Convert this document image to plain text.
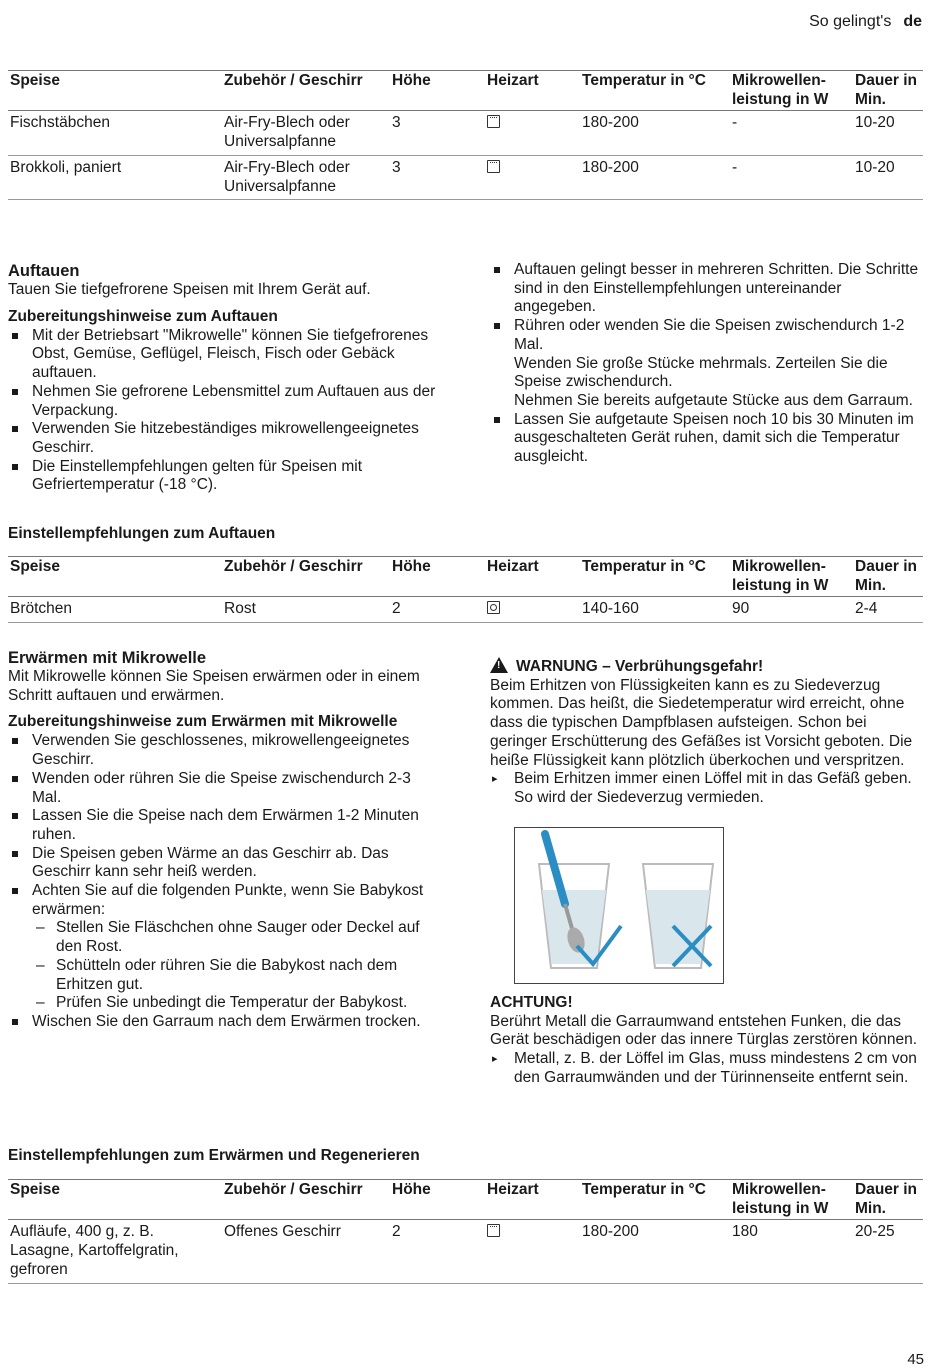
So gelingt's de
Speise	Zubehör / Geschirr	Höhe	Heizart	Temperatur in °C	Mikrowellen-leistung in W	Dauer in Min.
Fischstäbchen	Air-Fry-Blech oder Universalpfanne	3		180-200	-	10-20
Brokkoli, paniert	Air-Fry-Blech oder Universalpfanne	3		180-200	-	10-20
Auftauen

Tauen Sie tiefgefrorene Speisen mit Ihrem Gerät auf.

Zubereitungshinweise zum Auftauen
Mit der Betriebsart "Mikrowelle" können Sie tiefgefrorenes Obst, Gemüse, Geflügel, Fleisch, Fisch oder Gebäck auftauen.
Nehmen Sie gefrorene Lebensmittel zum Auftauen aus der Verpackung.
Verwenden Sie hitzebeständiges mikrowellengeeignetes Geschirr.
Die Einstellempfehlungen gelten für Speisen mit Gefriertemperatur (-18 °C).
Auftauen gelingt besser in mehreren Schritten. Die Schritte sind in den Einstellempfehlungen untereinander angegeben.
Rühren oder wenden Sie die Speisen zwischendurch 1-2 Mal.
Wenden Sie große Stücke mehrmals. Zerteilen Sie die Speise zwischendurch.
Nehmen Sie bereits aufgetaute Stücke aus dem Garraum.
Lassen Sie aufgetaute Speisen noch 10 bis 30 Minuten im ausgeschalteten Gerät ruhen, damit sich die Temperatur ausgleicht.
Einstellempfehlungen zum Auftauen
Speise	Zubehör / Geschirr	Höhe	Heizart	Temperatur in °C	Mikrowellen-leistung in W	Dauer in Min.
Brötchen	Rost	2		140-160	90	2-4
Erwärmen mit Mikrowelle

Mit Mikrowelle können Sie Speisen erwärmen oder in einem Schritt auftauen und erwärmen.

Zubereitungshinweise zum Erwärmen mit Mikrowelle
Verwenden Sie geschlossenes, mikrowellengeeignetes Geschirr.
Wenden oder rühren Sie die Speise zwischendurch 2-3 Mal.
Lassen Sie die Speise nach dem Erwärmen 1-2 Minuten ruhen.
Die Speisen geben Wärme an das Geschirr ab. Das Geschirr kann sehr heiß werden.
Achten Sie auf die folgenden Punkte, wenn Sie Babykost erwärmen:
– Stellen Sie Fläschchen ohne Sauger oder Deckel auf den Rost.
– Schütteln oder rühren Sie die Babykost nach dem Erhitzen gut.
– Prüfen Sie unbedingt die Temperatur der Babykost.
Wischen Sie den Garraum nach dem Erwärmen trocken.
!WARNUNG – Verbrühungsgefahr!

Beim Erhitzen von Flüssigkeiten kann es zu Siedeverzug kommen. Das heißt, die Siedetemperatur wird erreicht, ohne dass die typischen Dampfblasen aufsteigen. Schon bei geringer Erschütterung des Gefäßes ist Vorsicht geboten. Die heiße Flüssigkeit kann plötzlich überkochen und verspritzen.

▸ Beim Erhitzen immer einen Löffel mit in das Gefäß geben. So wird der Siedeverzug vermieden.
ACHTUNG!

Berührt Metall die Garraumwand entstehen Funken, die das Gerät beschädigen oder das innere Türglas zerstören können.

▸ Metall, z. B. der Löffel im Glas, muss mindestens 2 cm von den Garraumwänden und der Türinnenseite entfernt sein.
Einstellempfehlungen zum Erwärmen und Regenerieren
Speise	Zubehör / Geschirr	Höhe	Heizart	Temperatur in °C	Mikrowellen-leistung in W	Dauer in Min.
Aufläufe, 400 g, z. B. Lasagne, Kartoffelgratin, gefroren	Offenes Geschirr	2		180-200	180	20-25
45
